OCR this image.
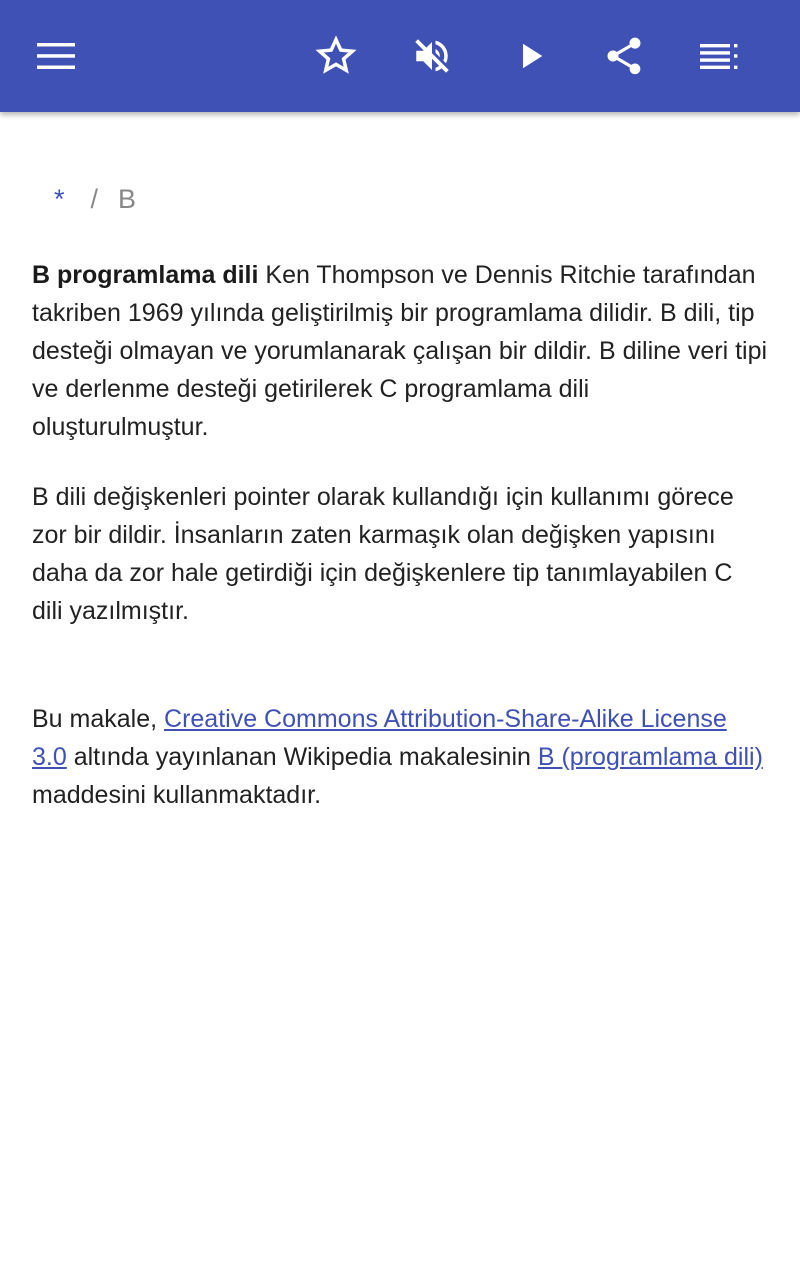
* / B

B programlama dili Ken Thompson ve Dennis Ritchie tarafından takriben 1969 yılında geliştirilmiş bir programlama dilidir. B dili, tip desteği olmayan ve yorumlanarak çalışan bir dildir. B diline veri tipi ve derlenme desteği getirilerek C programlama dili oluşturulmuştur.

B dili değişkenleri pointer olarak kullandığı için kullanımı görece zor bir dildir. İnsanların zaten karmaşık olan değişken yapısını daha da zor hale getirdiği için değişkenlere tip tanımlayabilen C dili yazılmıştır.

Bu makale, Creative Commons Attribution-Share-Alike License 3.0 altında yayınlanan Wikipedia makalesinin B (programlama dili) maddesini kullanmaktadır.
